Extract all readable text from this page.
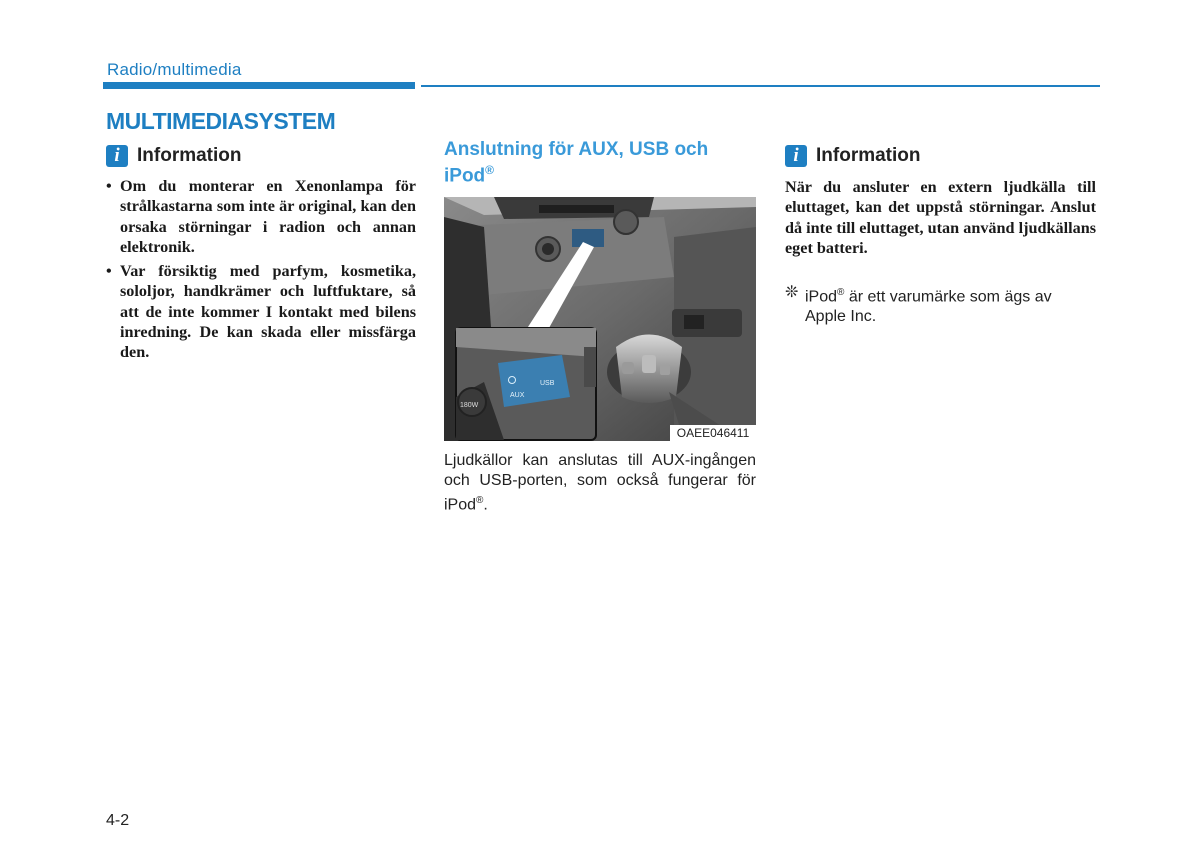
Radio/multimedia
MULTIMEDIASYSTEM
i Information
• Om du monterar en Xenonlampa för strålkastarna som inte är original, kan den orsaka störningar i radion och annan elektronik.
• Var försiktig med parfym, kosmetika, sololjor, handkrämer och luftfuktare, så att de inte kommer I kontakt med bilens inredning. De kan skada eller missfärga den.
Anslutning för AUX, USB och
iPod®
180W
AUX
USB
OAEE046411

Ljudkällor kan anslutas till AUX-ingången och USB-porten, som också fungerar för iPod®.

i Information

När du ansluter en extern ljudkälla till eluttaget, kan det uppstå störningar. Anslut då inte till eluttaget, utan använd ljudkällans eget batteri.

❊ iPod® är ett varumärke som ägs av Apple Inc.

4-2
